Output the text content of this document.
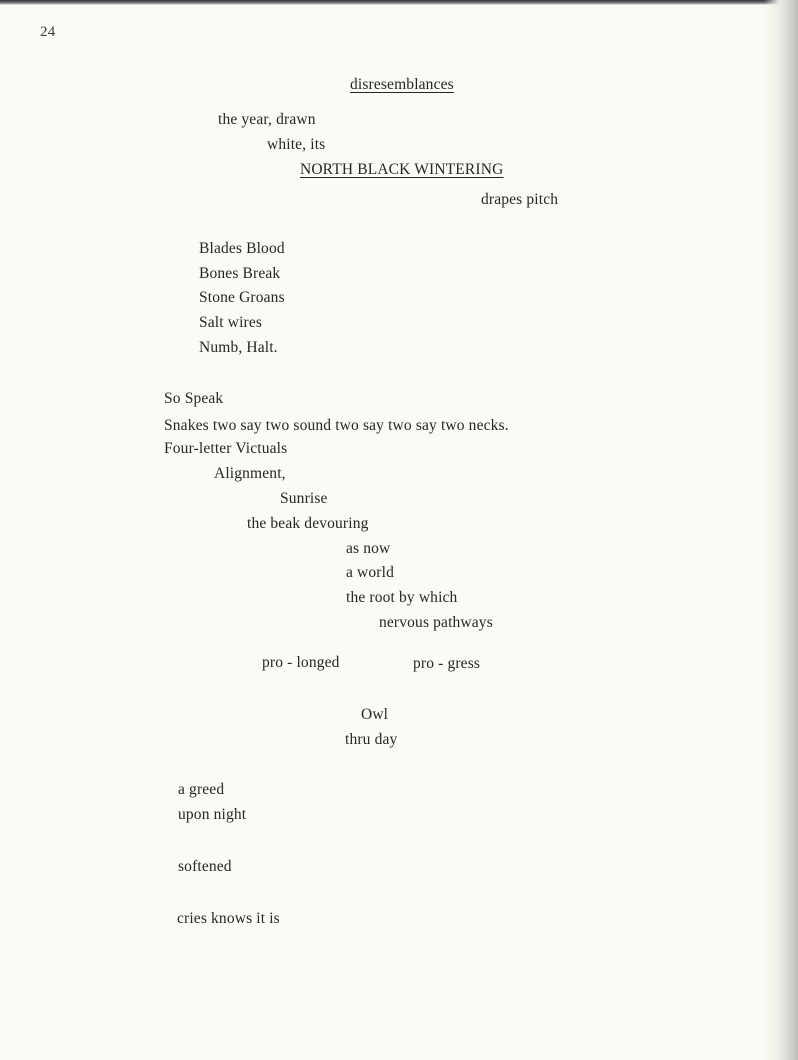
24
disresemblances
the year, drawn
white, its
NORTH BLACK WINTERING
drapes pitch
Blades Blood
Bones Break
Stone Groans
Salt wires
Numb, Halt.
So Speak
Snakes two say two sound two say two say two necks.
Four-letter Victuals
Alignment,
Sunrise
the beak devouring
as now
a world
the root by which
nervous pathways
pro - longed	pro - gress
Owl
thru day
a greed
upon night
softened
cries knows it is
